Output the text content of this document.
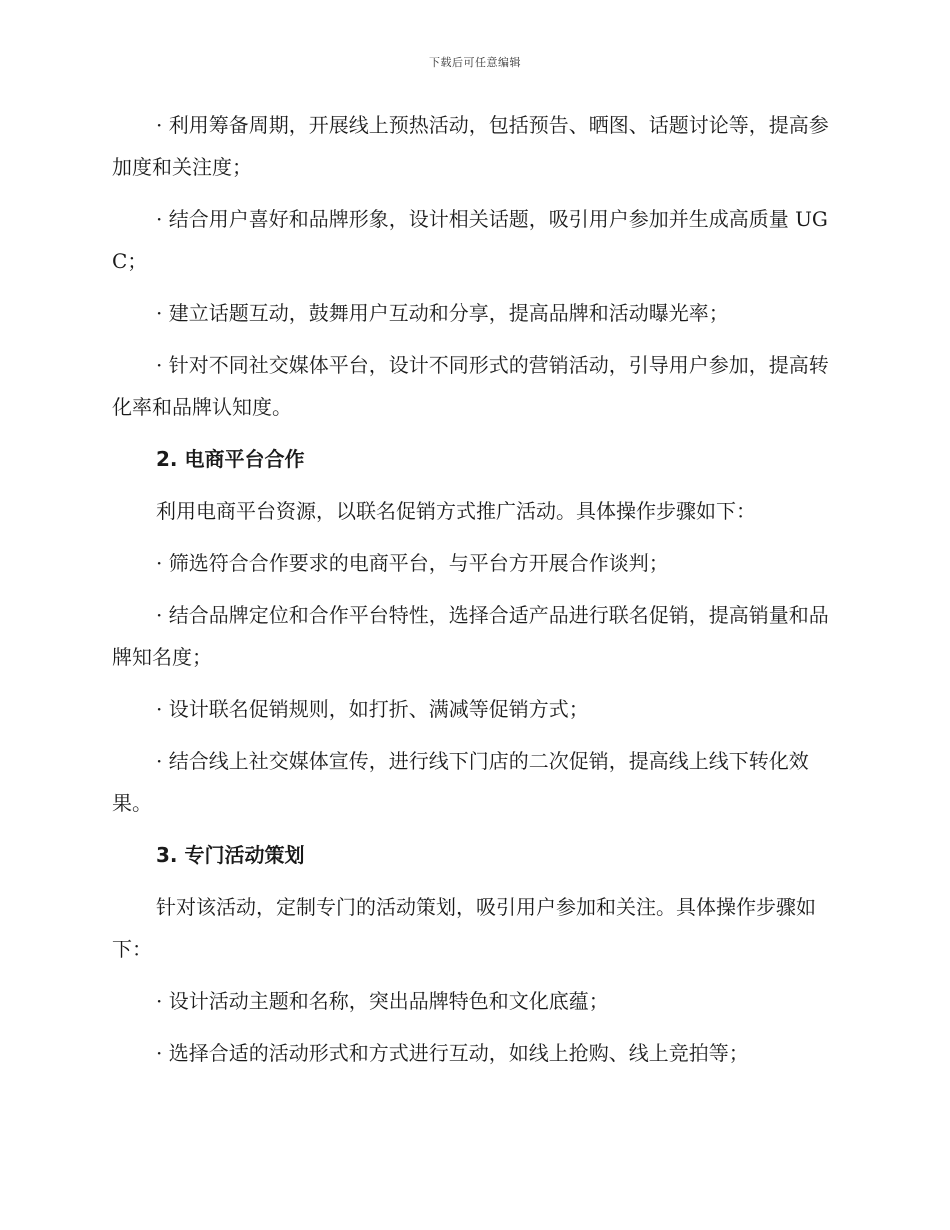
下载后可任意编辑

· 利用筹备周期，开展线上预热活动，包括预告、晒图、话题讨论等，提高参加度和关注度；

· 结合用户喜好和品牌形象，设计相关话题，吸引用户参加并生成高质量 UGC；

· 建立话题互动，鼓舞用户互动和分享，提高品牌和活动曝光率；

· 针对不同社交媒体平台，设计不同形式的营销活动，引导用户参加，提高转化率和品牌认知度。

2. 电商平台合作

利用电商平台资源，以联名促销方式推广活动。具体操作步骤如下：

· 筛选符合合作要求的电商平台，与平台方开展合作谈判；

· 结合品牌定位和合作平台特性，选择合适产品进行联名促销，提高销量和品牌知名度；

· 设计联名促销规则，如打折、满减等促销方式；

· 结合线上社交媒体宣传，进行线下门店的二次促销，提高线上线下转化效果。

3. 专门活动策划

针对该活动，定制专门的活动策划，吸引用户参加和关注。具体操作步骤如下：

· 设计活动主题和名称，突出品牌特色和文化底蕴；

· 选择合适的活动形式和方式进行互动，如线上抢购、线上竞拍等；
